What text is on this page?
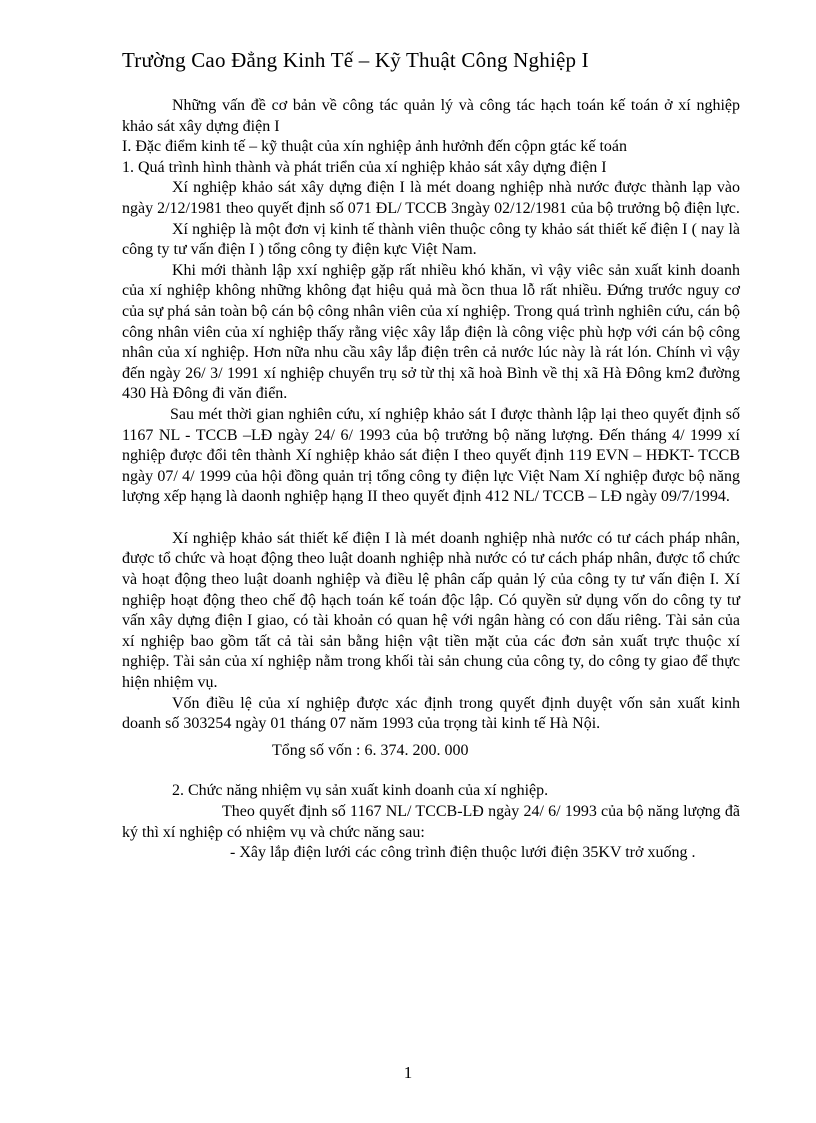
Trường Cao Đẳng Kinh Tế – Kỹ Thuật Công Nghiệp I

Những vấn đề cơ bản về công tác quản lý và công tác hạch toán kế toán ở xí nghiệp khảo sát xây dựng điện I

I. Đặc điểm kinh tế – kỹ thuật của xín nghiệp ảnh hưởnh đến cộpn gtác kế toán

1. Quá trình hình thành và phát triển của xí nghiệp khảo sát xây dựng điện I

Xí nghiệp khảo sát xây dựng điện I là mét doang nghiệp nhà nước được thành lạp vào ngày 2/12/1981 theo quyết định số 071 ĐL/ TCCB 3ngày 02/12/1981 của bộ trưởng bộ điện lực.

Xí nghiệp là một đơn vị kinh tế thành viên thuộc công ty khảo sát thiết kế điện I ( nay là công ty tư vấn điện I ) tổng công ty điện kực Việt Nam.

Khi mới thành lập xxí nghiệp gặp rất nhiều khó khăn, vì vậy viêc sản xuất kinh doanh của xí nghiệp không những không đạt hiệu quả mà ồcn thua lỗ rất nhiều. Đứng trước nguy cơ của sự phá sản toàn bộ cán bộ công nhân viên của xí nghiệp. Trong quá trình nghiên cứu, cán bộ công nhân viên của xí nghiệp thấy rằng việc xây lắp điện là công việc phù hợp với cán bộ công nhân của xí nghiệp. Hơn nữa nhu cầu xây lắp điện trên cả nước lúc này là rát lón. Chính vì vậy đến ngày 26/ 3/ 1991 xí nghiệp chuyển trụ sở từ thị xã hoà Bình về thị xã Hà Đông km2 đường 430 Hà Đông đi văn điển.

Sau mét thời gian nghiên cứu, xí nghiệp khảo sát I được thành lập lại theo quyết định số 1167 NL - TCCB –LĐ ngày 24/ 6/ 1993 của bộ trưởng bộ năng lượng. Đến tháng 4/ 1999 xí nghiệp được đổi tên thành Xí nghiệp khảo sát điện I theo quyết định 119 EVN – HĐKT- TCCB ngày 07/ 4/ 1999 của hội đồng quản trị tổng công ty điện lực Việt Nam Xí nghiệp được bộ năng lượng xếp hạng là daonh nghiệp hạng II theo quyết định 412 NL/ TCCB – LĐ ngày 09/7/1994.

Xí nghiệp khảo sát thiết kế điện I là mét doanh nghiệp nhà nước có tư cách pháp nhân, được tổ chức và hoạt động theo luật doanh nghiệp nhà nước có tư cách pháp nhân, được tổ chức và hoạt động theo luật doanh nghiệp và điều lệ phân cấp quản lý của công ty tư vấn điện I. Xí nghiệp hoạt động theo chế độ hạch toán kế toán độc lập. Có quyền sử dụng vốn do công ty tư vấn xây dựng điện I giao, có tài khoản có quan hệ với ngân hàng có con dấu riêng. Tài sản của xí nghiệp bao gồm tất cả tài sản bằng hiện vật tiền mặt của các đơn sản xuất trực thuộc xí nghiệp. Tài sản của xí nghiệp nằm trong khối tài sản chung của công ty, do công ty giao để thực hiện nhiệm vụ.

Vốn điều lệ của xí nghiệp được xác định trong quyết định duyệt vốn sản xuất kinh doanh số 303254 ngày 01 tháng 07 năm 1993 của trọng tài kinh tế Hà Nội.

Tổng số vốn : 6. 374. 200. 000

2. Chức năng nhiệm vụ sản xuất kinh doanh của xí nghiệp.

Theo quyết định số 1167 NL/ TCCB-LĐ ngày 24/ 6/ 1993 của bộ năng lượng đã ký thì xí nghiệp có nhiệm vụ và chức năng sau:

- Xây lắp điện lưới các công trình điện thuộc lưới điện 35KV trở xuống .

1
